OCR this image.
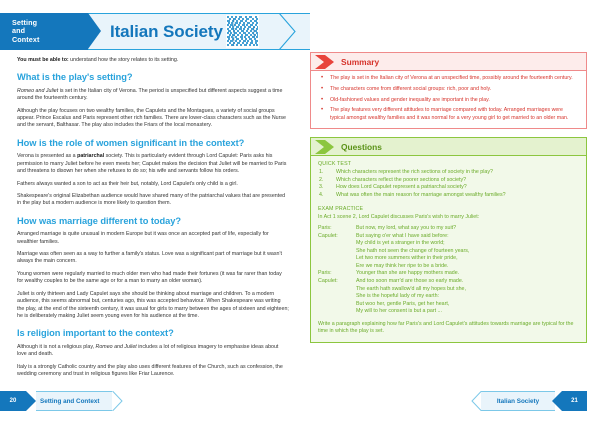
Setting
and
Context	Italian Society	Romeo and Juliet	Setting
You must be able to: understand how the story relates to its setting.
What is the play's setting?

Romeo and Juliet is set in the Italian city of Verona. The period is unspecified but different aspects suggest a time around the fourteenth century.

Although the play focuses on two wealthy families, the Capulets and the Montagues, a variety of social groups appear. Prince Escalus and Paris represent other rich families. There are lower-class characters such as the Nurse and the servant, Balthasar. The play also includes the Friars of the local monastery.

How is the role of women significant in the context?

Verona is presented as a patriarchal society. This is particularly evident through Lord Capulet: Paris asks his permission to marry Juliet before he even meets her; Capulet makes the decision that Juliet will be married to Paris and threatens to disown her when she refuses to do so; his wife and servants follow his orders.

Fathers always wanted a son to act as their heir but, notably, Lord Capulet's only child is a girl.

Shakespeare's original Elizabethan audience would have shared many of the patriarchal values that are presented in the play but a modern audience is more likely to question them.

How was marriage different to today?

Arranged marriage is quite unusual in modern Europe but it was once an accepted part of life, especially for wealthier families.

Marriage was often seen as a way to further a family's status. Love was a significant part of marriage but it wasn't always the main concern.

Young women were regularly married to much older men who had made their fortunes (it was far rarer than today for wealthy couples to be the same age or for a man to marry an older woman).

Juliet is only thirteen and Lady Capulet says she should be thinking about marriage and children. To a modern audience, this seems abnormal but, centuries ago, this was accepted behaviour. When Shakespeare was writing the play, at the end of the sixteenth century, it was usual for girls to marry between the ages of sixteen and eighteen; he is deliberately making Juliet seem young even for his audience at the time.

Is religion important to the context?

Although it is not a religious play, Romeo and Juliet includes a lot of religious imagery to emphasise ideas about love and death.

Italy is a strongly Catholic country and the play also uses different features of the Church, such as confession, the wedding ceremony and trust in religious figures like Friar Laurence.

Summary
• The play is set in the Italian city of Verona at an unspecified time, possibly around the fourteenth century.
• The characters come from different social groups: rich, poor and holy.
• Old-fashioned values and gender inequality are important in the play.
• The play features very different attitudes to marriage compared with today. Arranged marriages were typical amongst wealthy families and it was normal for a very young girl to get married to an older man.
Questions
QUICK TEST
1. Which characters represent the rich sections of society in the play?
2. Which characters reflect the poorer sections of society?
3. How does Lord Capulet represent a patriarchal society?
4. What was often the main reason for marriage amongst wealthy families?
EXAM PRACTICE
In Act 1 scene 2, Lord Capulet discusses Paris's wish to marry Juliet:
Paris:	But now, my lord, what say you to my suit?
Capulet:	But saying o'er what I have said before:
My child is yet a stranger in the world;
She hath not seen the change of fourteen years,
Let two more summers wither in their pride,
Ere we may think her ripe to be a bride.
Paris:	Younger than she are happy mothers made.
Capulet:	And too soon marr'd are those so early made.
The earth hath swallow'd all my hopes but she,
She is the hopeful lady of my earth:
But woo her, gentle Paris, get her heart,
My will to her consent is but a part ...
Write a paragraph explaining how far Paris's and Lord Capulet's attitudes towards marriage are typical for the time in which the play is set.
20	Setting and Context	Italian Society	21
